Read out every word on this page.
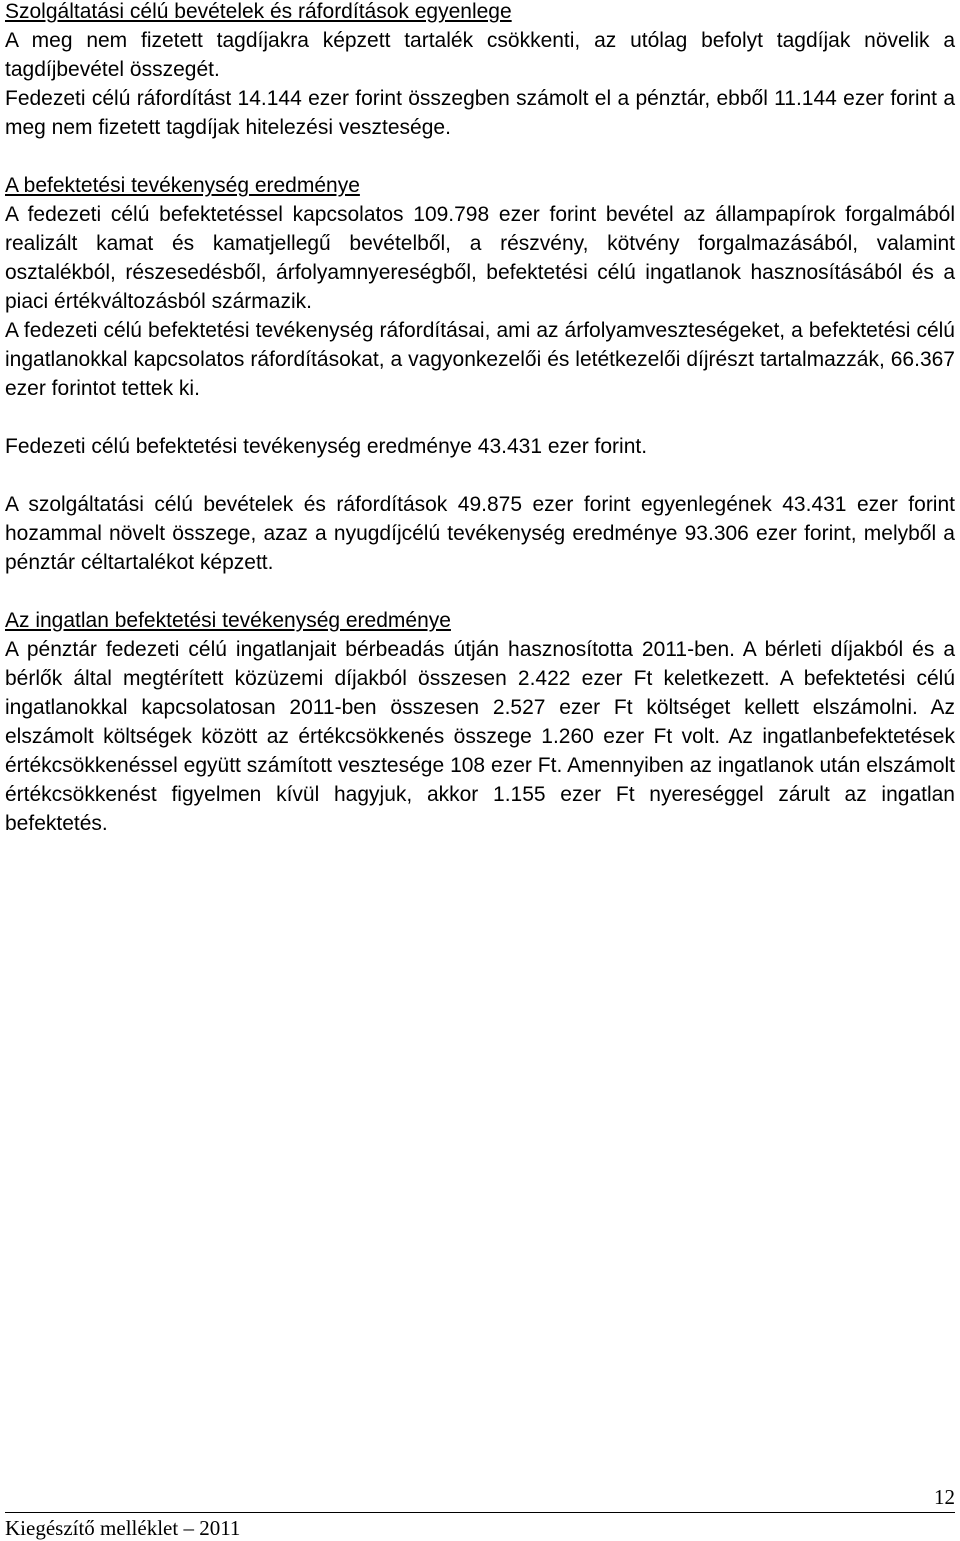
Szolgáltatási célú bevételek és ráfordítások egyenlege

A meg nem fizetett tagdíjakra képzett tartalék csökkenti, az utólag befolyt tagdíjak növelik a tagdíjbevétel összegét.

Fedezeti célú ráfordítást 14.144 ezer forint összegben számolt el a pénztár, ebből 11.144 ezer forint a meg nem fizetett tagdíjak hitelezési vesztesége.

A befektetési tevékenység eredménye

A fedezeti célú befektetéssel kapcsolatos 109.798 ezer forint bevétel az állampapírok forgalmából realizált kamat és kamatjellegű bevételből, a részvény, kötvény forgalmazásából, valamint osztalékból, részesedésből, árfolyamnyereségből, befektetési célú ingatlanok hasznosításából és a piaci értékváltozásból származik.

A fedezeti célú befektetési tevékenység ráfordításai, ami az árfolyamveszteségeket, a befektetési célú ingatlanokkal kapcsolatos ráfordításokat, a vagyonkezelői és letétkezelői díjrészt tartalmazzák, 66.367 ezer forintot tettek ki.

Fedezeti célú befektetési tevékenység eredménye 43.431 ezer forint.

A szolgáltatási célú bevételek és ráfordítások 49.875 ezer forint egyenlegének 43.431 ezer forint hozammal növelt összege, azaz a nyugdíjcélú tevékenység eredménye 93.306 ezer forint, melyből a pénztár céltartalékot képzett.

Az ingatlan befektetési tevékenység eredménye

A pénztár fedezeti célú ingatlanjait bérbeadás útján hasznosította 2011-ben. A bérleti díjakból és a bérlők által megtérített közüzemi díjakból összesen 2.422 ezer Ft keletkezett. A befektetési célú ingatlanokkal kapcsolatosan 2011-ben összesen 2.527 ezer Ft költséget kellett elszámolni. Az elszámolt költségek között az értékcsökkenés összege 1.260 ezer Ft volt. Az ingatlanbefektetések értékcsökkenéssel együtt számított vesztesége 108 ezer Ft. Amennyiben az ingatlanok után elszámolt értékcsökkenést figyelmen kívül hagyjuk, akkor 1.155 ezer Ft nyereséggel zárult az ingatlan befektetés.

12
Kiegészítő melléklet – 2011
